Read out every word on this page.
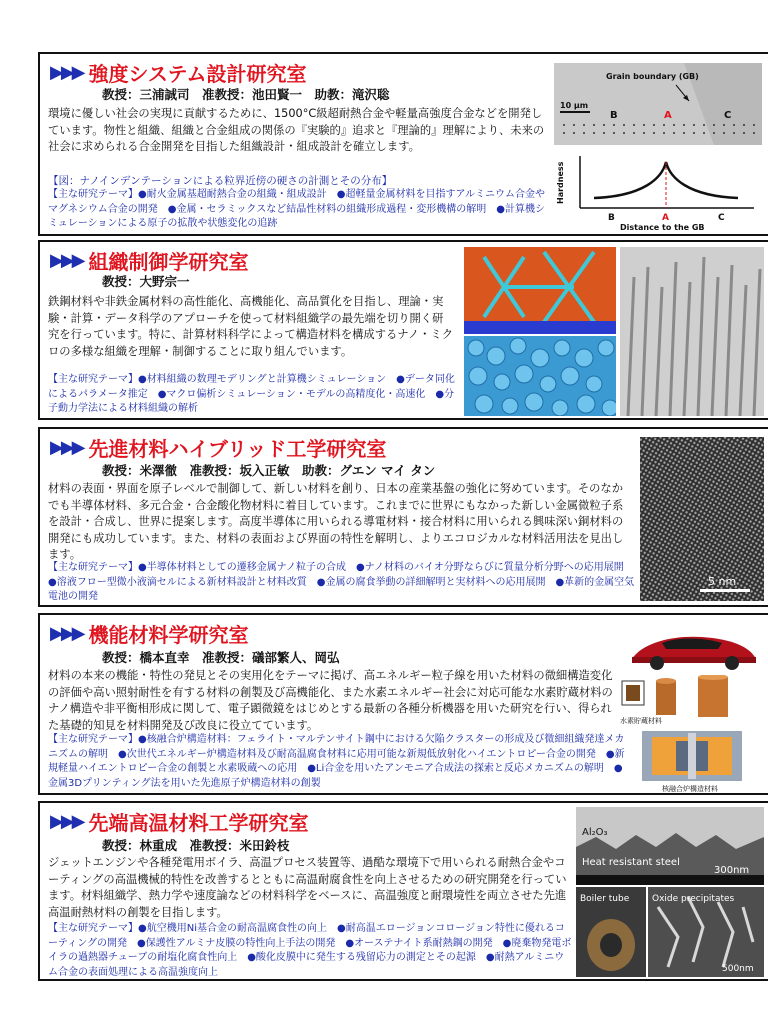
▶▶▶ 強度システム設計研究室
教授：三浦誠司　准教授：池田賢一　助教：滝沢聡
環境に優しい社会の実現に貢献するために、1500°C級超耐熱合金や軽量高強度合金などを開発しています。物性と組織、組織と合金組成の関係の『実験的』追求と『理論的』理解により、未来の社会に求められる合金開発を目指した組織設計・組成設計を確立します。
【図：ナノインデンテーションによる粒界近傍の硬さの計測とその分布】
【主な研究テーマ】●耐火金属基超耐熱合金の組織・組成設計　●超軽量金属材料を目指すアルミニウム合金やマグネシウム合金の開発　●金属・セラミックスなど結晶性材料の組織形成過程・変形機構の解明　●計算機シミュレーションによる原子の拡散や状態変化の追跡
Grain boundary (GB)
10 μm
B	A	C
Hardness
B	A	C
Distance to the GB
▶▶▶ 組織制御学研究室
教授：大野宗一
鉄鋼材料や非鉄金属材料の高性能化、高機能化、高品質化を目指し、理論・実験・計算・データ科学のアプローチを使って材料組織学の最先端を切り開く研究を行っています。特に、計算材料科学によって構造材料を構成するナノ・ミクロの多様な組織を理解・制御することに取り組んでいます。
【主な研究テーマ】●材料組織の数理モデリングと計算機シミュレーション　●データ同化によるパラメータ推定　●マクロ偏析シミュレーション・モデルの高精度化・高速化　●分子動力学法による材料組織の解析
▶▶▶ 先進材料ハイブリッド工学研究室
教授：米澤徹　准教授：坂入正敏　助教：グエン マイ タン
材料の表面・界面を原子レベルで制御して、新しい材料を創り、日本の産業基盤の強化に努めています。そのなかでも半導体材料、多元合金・合金酸化物材料に着目しています。これまでに世界にもなかった新しい金属微粒子系を設計・合成し、世界に提案します。高度半導体に用いられる導電材料・接合材料に用いられる興味深い銅材料の開発にも成功しています。また、材料の表面および界面の特性を解明し、よりエコロジカルな材料活用法を見出します。
【主な研究テーマ】●半導体材料としての遷移金属ナノ粒子の合成　●ナノ材料のバイオ分野ならびに質量分析分野への応用展開　●溶液フロー型微小液滴セルによる新材料設計と材料改質　●金属の腐食挙動の詳細解明と実材料への応用展開　●革新的金属空気電池の開発
5 nm
▶▶▶ 機能材料学研究室
教授：橋本直幸　准教授：礒部繁人、岡弘
材料の本来の機能・特性の発見とその実用化をテーマに掲げ、高エネルギー粒子線を用いた材料の微細構造変化の評価や高い照射耐性を有する材料の創製及び高機能化、また水素エネルギー社会に対応可能な水素貯蔵材料のナノ構造や非平衡相形成に関して、電子顕微鏡をはじめとする最新の各種分析機器を用いた研究を行い、得られた基礎的知見を材料開発及び改良に役立てています。
【主な研究テーマ】●核融合炉構造材料：フェライト・マルテンサイト鋼中における欠陥クラスターの形成及び微細組織発達メカニズムの解明　●次世代エネルギー炉構造材料及び耐高温腐食材料に応用可能な新規低放射化ハイエントロピー合金の開発　●新規軽量ハイエントロピー合金の創製と水素吸蔵への応用　●Li合金を用いたアンモニア合成法の探索と反応メカニズムの解明　●金属3Dプリンティング法を用いた先進原子炉構造材料の創製
水素貯蔵材料
核融合炉構造材料
▶▶▶ 先端高温材料工学研究室
教授：林重成　准教授：米田鈴枝
ジェットエンジンや各種発電用ボイラ、高温プロセス装置等、過酷な環境下で用いられる耐熱合金やコーティングの高温機械的特性を改善するとともに高温耐腐食性を向上させるための研究開発を行っています。材料組織学、熱力学や速度論などの材料科学をベースに、高温強度と耐環境性を両立させた先進高温耐熱材料の創製を目指します。
【主な研究テーマ】●航空機用Ni基合金の耐高温腐食性の向上　●耐高温エロージョンコロージョン特性に優れるコーティングの開発　●保護性アルミナ皮膜の特性向上手法の開発　●オーステナイト系耐熱鋼の開発　●廃棄物発電ボイラの過熱器チューブの耐塩化腐食性向上　●酸化皮膜中に発生する残留応力の測定とその起源　●耐熱アルミニウム合金の表面処理による高温強度向上
Al₂O₃
Heat resistant steel
300nm
Boiler tube	Oxide precipitates
500nm
